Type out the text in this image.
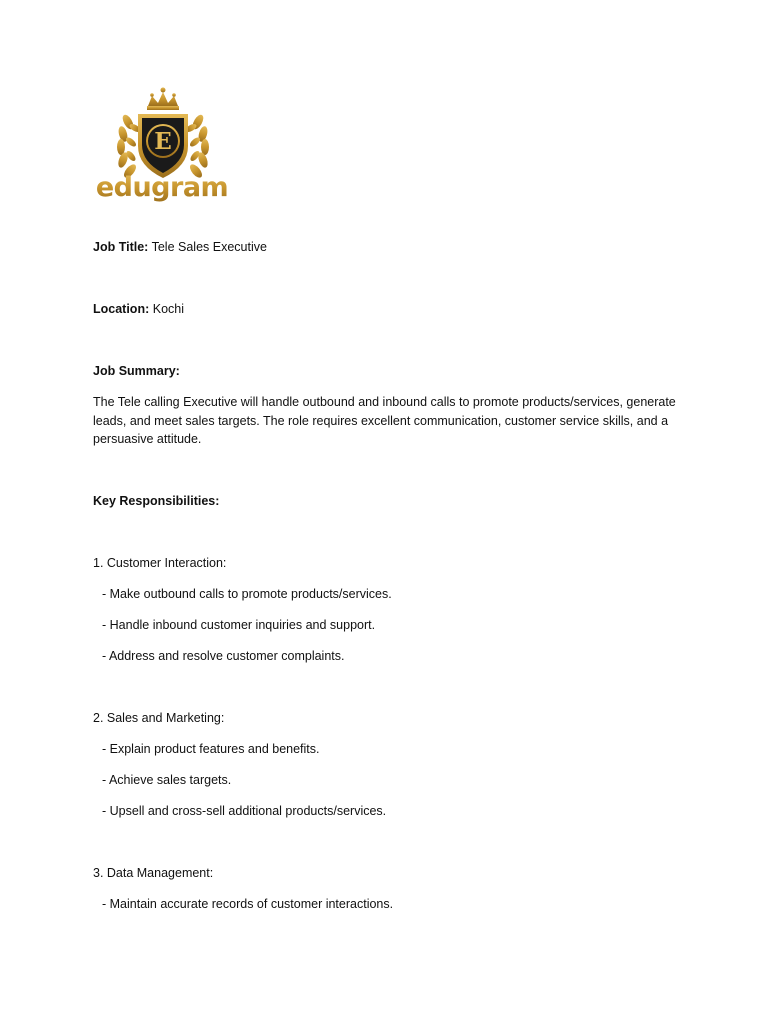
E
edugram
Job Title: Tele Sales Executive
Location: Kochi
Job Summary:
The Tele calling Executive will handle outbound and inbound calls to promote products/services, generate leads, and meet sales targets. The role requires excellent communication, customer service skills, and a persuasive attitude.
Key Responsibilities:
1. Customer Interaction:
- Make outbound calls to promote products/services.
- Handle inbound customer inquiries and support.
- Address and resolve customer complaints.
2. Sales and Marketing:
- Explain product features and benefits.
- Achieve sales targets.
- Upsell and cross-sell additional products/services.
3. Data Management:
- Maintain accurate records of customer interactions.
